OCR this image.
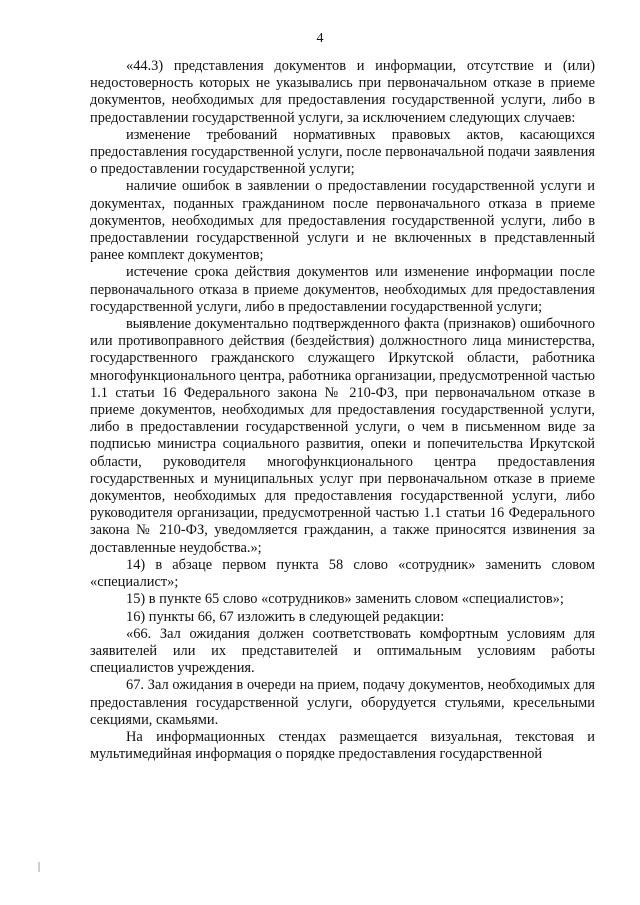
4

«44.3) представления документов и информации, отсутствие и (или) недостоверность которых не указывались при первоначальном отказе в приеме документов, необходимых для предоставления государственной услуги, либо в предоставлении государственной услуги, за исключением следующих случаев:

изменение требований нормативных правовых актов, касающихся предоставления государственной услуги, после первоначальной подачи заявления о предоставлении государственной услуги;

наличие ошибок в заявлении о предоставлении государственной услуги и документах, поданных гражданином после первоначального отказа в приеме документов, необходимых для предоставления государственной услуги, либо в предоставлении государственной услуги и не включенных в представленный ранее комплект документов;

истечение срока действия документов или изменение информации после первоначального отказа в приеме документов, необходимых для предоставления государственной услуги, либо в предоставлении государственной услуги;

выявление документально подтвержденного факта (признаков) ошибочного или противоправного действия (бездействия) должностного лица министерства, государственного гражданского служащего Иркутской области, работника многофункционального центра, работника организации, предусмотренной частью 1.1 статьи 16 Федерального закона № 210-ФЗ, при первоначальном отказе в приеме документов, необходимых для предоставления государственной услуги, либо в предоставлении государственной услуги, о чем в письменном виде за подписью министра социального развития, опеки и попечительства Иркутской области, руководителя многофункционального центра предоставления государственных и муниципальных услуг при первоначальном отказе в приеме документов, необходимых для предоставления государственной услуги, либо руководителя организации, предусмотренной частью 1.1 статьи 16 Федерального закона № 210-ФЗ, уведомляется гражданин, а также приносятся извинения за доставленные неудобства.»;

14) в абзаце первом пункта 58 слово «сотрудник» заменить словом «специалист»;

15) в пункте 65 слово «сотрудников» заменить словом «специалистов»;

16) пункты 66, 67 изложить в следующей редакции:

«66. Зал ожидания должен соответствовать комфортным условиям для заявителей или их представителей и оптимальным условиям работы специалистов учреждения.

67. Зал ожидания в очереди на прием, подачу документов, необходимых для предоставления государственной услуги, оборудуется стульями, кресельными секциями, скамьями.

На информационных стендах размещается визуальная, текстовая и мультимедийная информация о порядке предоставления государственной
